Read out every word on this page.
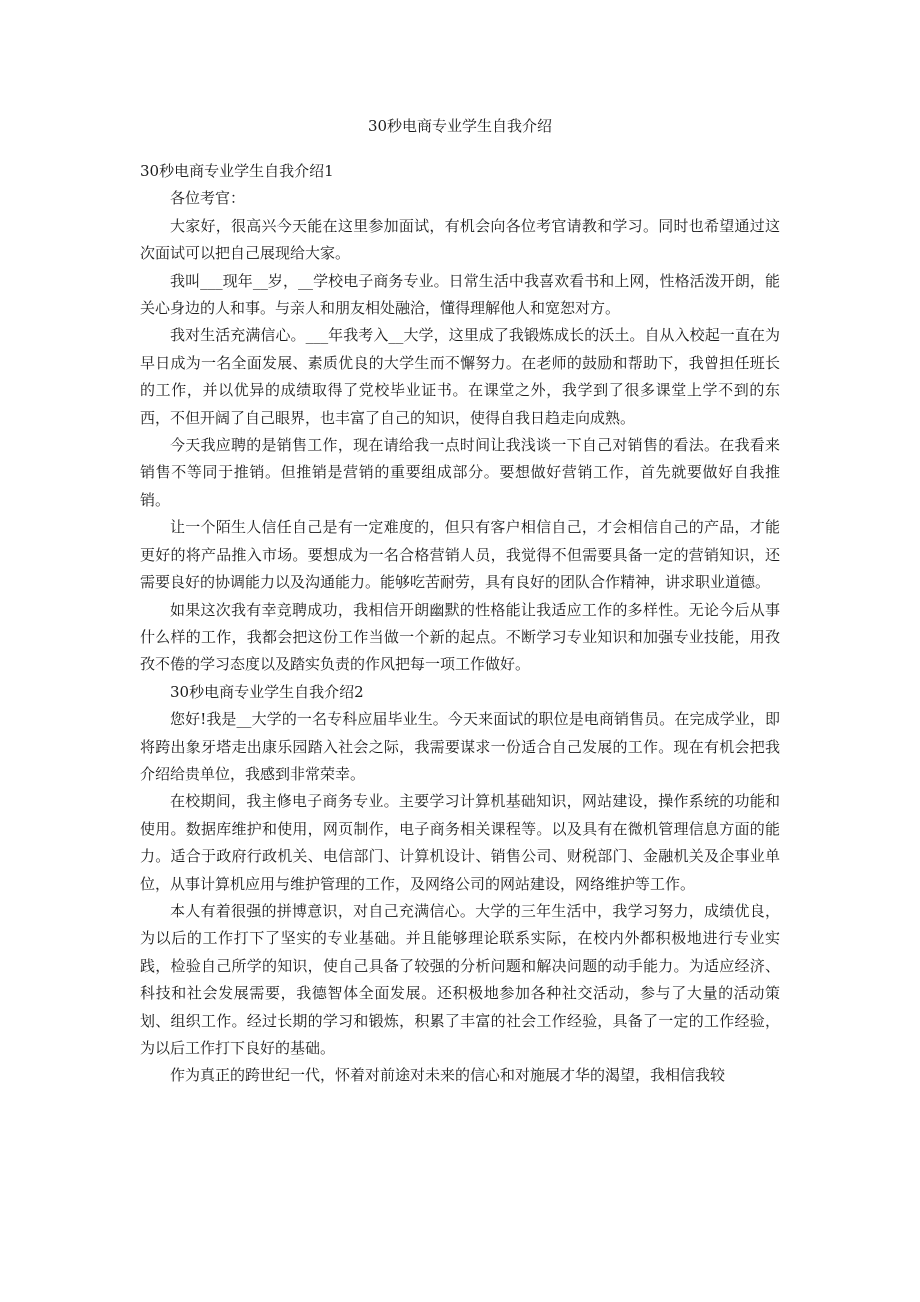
30秒电商专业学生自我介绍

30秒电商专业学生自我介绍1

各位考官：

大家好，很高兴今天能在这里参加面试，有机会向各位考官请教和学习。同时也希望通过这次面试可以把自己展现给大家。

我叫___现年__岁，__学校电子商务专业。日常生活中我喜欢看书和上网，性格活泼开朗，能关心身边的人和事。与亲人和朋友相处融洽，懂得理解他人和宽恕对方。

我对生活充满信心。___年我考入__大学，这里成了我锻炼成长的沃土。自从入校起一直在为早日成为一名全面发展、素质优良的大学生而不懈努力。在老师的鼓励和帮助下，我曾担任班长的工作，并以优异的成绩取得了党校毕业证书。在课堂之外，我学到了很多课堂上学不到的东西，不但开阔了自己眼界，也丰富了自己的知识，使得自我日趋走向成熟。

今天我应聘的是销售工作，现在请给我一点时间让我浅谈一下自己对销售的看法。在我看来销售不等同于推销。但推销是营销的重要组成部分。要想做好营销工作，首先就要做好自我推销。

让一个陌生人信任自己是有一定难度的，但只有客户相信自己，才会相信自己的产品，才能更好的将产品推入市场。要想成为一名合格营销人员，我觉得不但需要具备一定的营销知识，还需要良好的协调能力以及沟通能力。能够吃苦耐劳，具有良好的团队合作精神，讲求职业道德。

如果这次我有幸竞聘成功，我相信开朗幽默的性格能让我适应工作的多样性。无论今后从事什么样的工作，我都会把这份工作当做一个新的起点。不断学习专业知识和加强专业技能，用孜孜不倦的学习态度以及踏实负责的作风把每一项工作做好。

30秒电商专业学生自我介绍2

您好!我是__大学的一名专科应届毕业生。今天来面试的职位是电商销售员。在完成学业，即将跨出象牙塔走出康乐园踏入社会之际，我需要谋求一份适合自己发展的工作。现在有机会把我介绍给贵单位，我感到非常荣幸。

在校期间，我主修电子商务专业。主要学习计算机基础知识，网站建设，操作系统的功能和使用。数据库维护和使用，网页制作，电子商务相关课程等。以及具有在微机管理信息方面的能力。适合于政府行政机关、电信部门、计算机设计、销售公司、财税部门、金融机关及企事业单位，从事计算机应用与维护管理的工作，及网络公司的网站建设，网络维护等工作。

本人有着很强的拼博意识，对自己充满信心。大学的三年生活中，我学习努力，成绩优良，为以后的工作打下了坚实的专业基础。并且能够理论联系实际，在校内外都积极地进行专业实践，检验自己所学的知识，使自己具备了较强的分析问题和解决问题的动手能力。为适应经济、科技和社会发展需要，我德智体全面发展。还积极地参加各种社交活动，参与了大量的活动策划、组织工作。经过长期的学习和锻炼，积累了丰富的社会工作经验，具备了一定的工作经验，为以后工作打下良好的基础。

作为真正的跨世纪一代，怀着对前途对未来的信心和对施展才华的渴望，我相信我较
